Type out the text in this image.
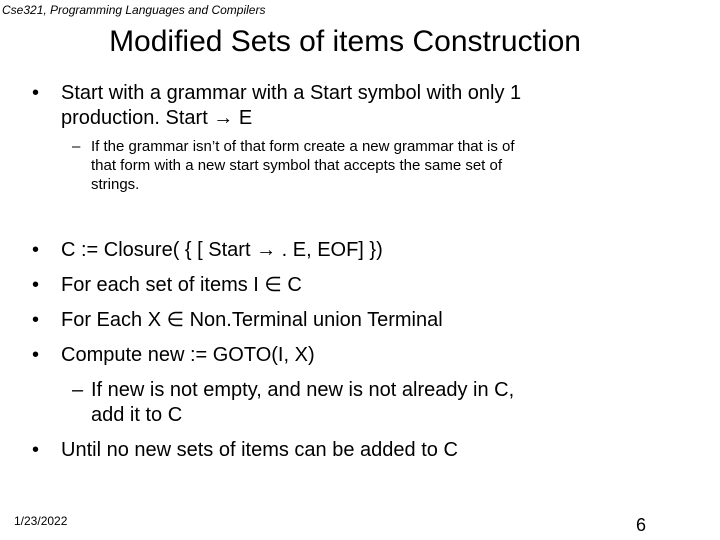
Cse321, Programming Languages and Compilers
Modified Sets of items Construction
• Start with a grammar with a Start symbol with only 1
production. Start → E
– If the grammar isn’t of that form create a new grammar that is of
that form with a new start symbol that accepts the same set of
strings.
• C := Closure( { [ Start → . E, EOF] })
• For each set of items I ∈ C
• For Each X ∈ Non.Terminal union Terminal
• Compute new := GOTO(I, X)
– If new is not empty, and new is not already in C,
add it to C
• Until no new sets of items can be added to C
1/23/2022	6
